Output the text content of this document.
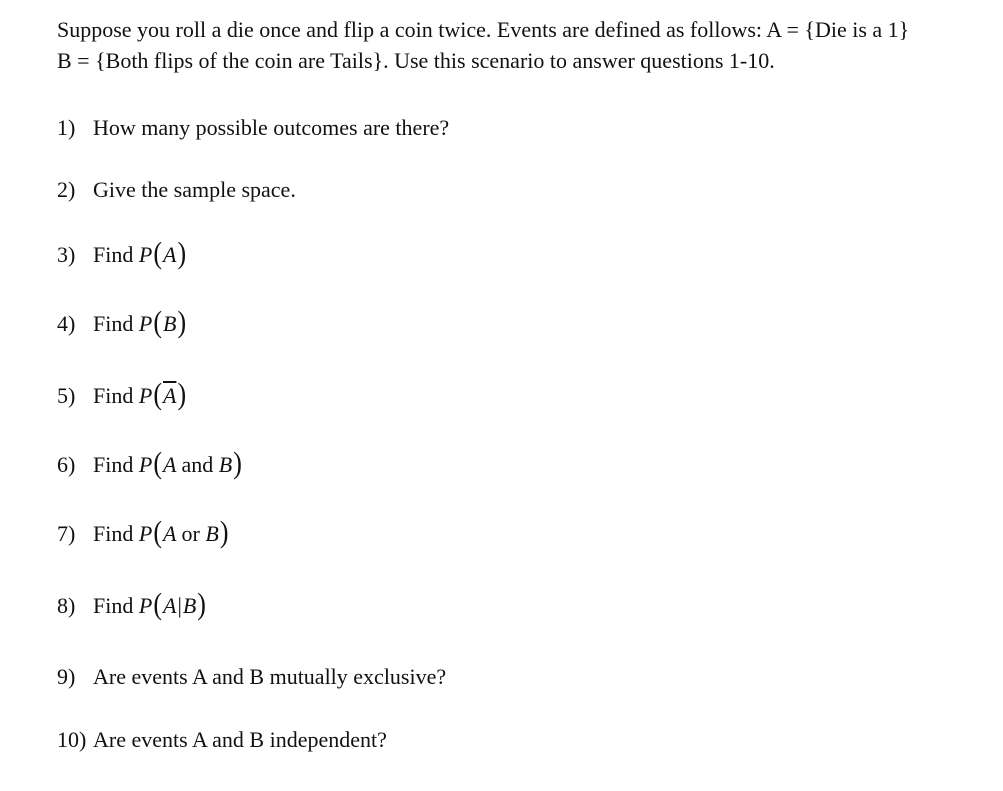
Suppose you roll a die once and flip a coin twice. Events are defined as follows: A = {Die is a 1}
B = {Both flips of the coin are Tails}. Use this scenario to answer questions 1-10.
1) How many possible outcomes are there?
2) Give the sample space.
3) Find P(A)
4) Find P(B)
5) Find $P(\overline{A})$
6) Find P(A and B)
7) Find P(A or B)
8) Find P(A|B)
9) Are events A and B mutually exclusive?
10) Are events A and B independent?
